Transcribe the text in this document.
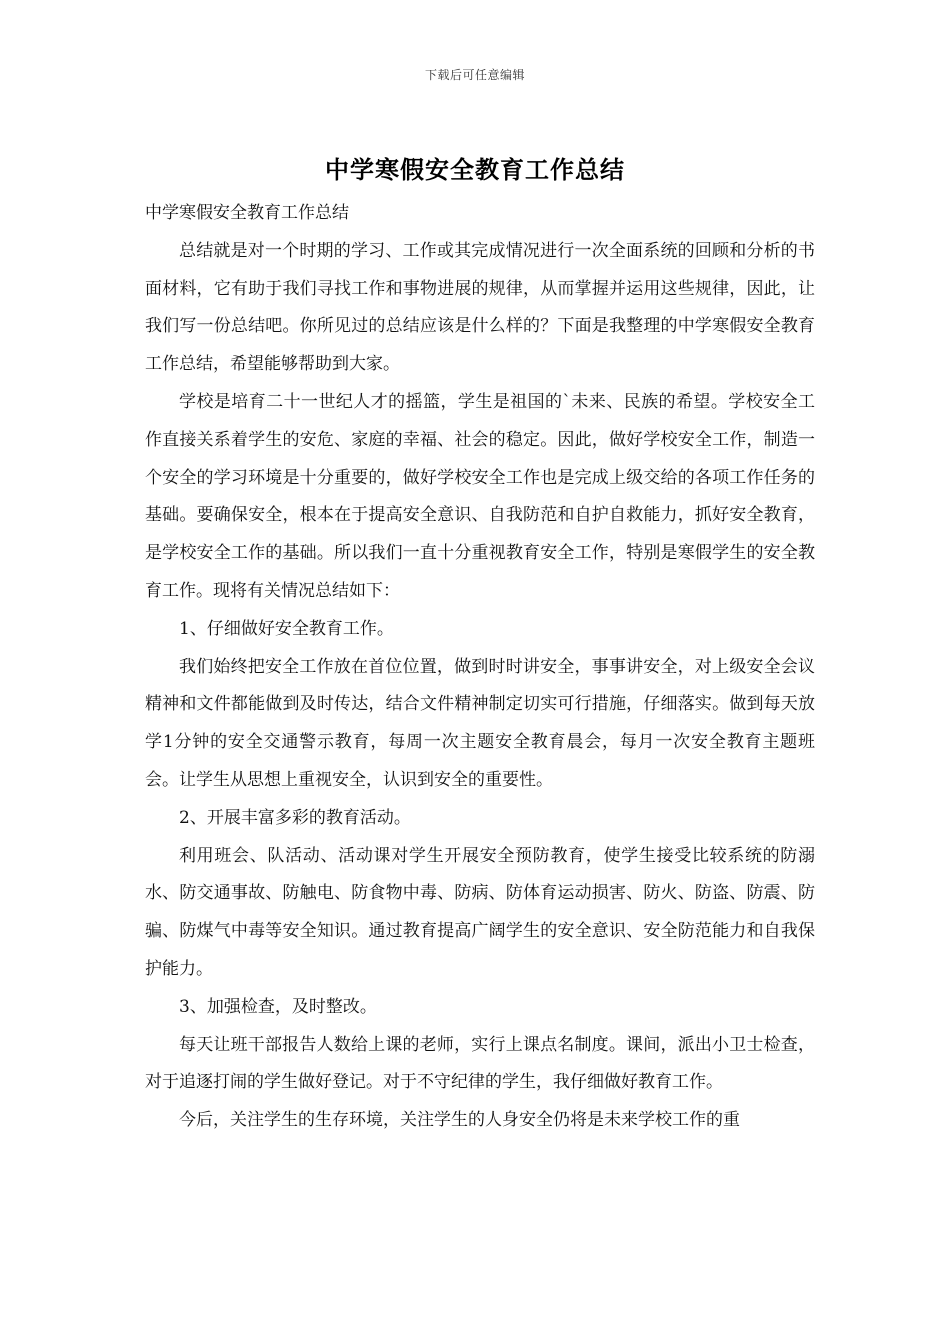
下载后可任意编辑
中学寒假安全教育工作总结

中学寒假安全教育工作总结

总结就是对一个时期的学习、工作或其完成情况进行一次全面系统的回顾和分析的书面材料，它有助于我们寻找工作和事物进展的规律，从而掌握并运用这些规律，因此，让我们写一份总结吧。你所见过的总结应该是什么样的？下面是我整理的中学寒假安全教育工作总结，希望能够帮助到大家。

学校是培育二十一世纪人才的摇篮，学生是祖国的`未来、民族的希望。学校安全工作直接关系着学生的安危、家庭的幸福、社会的稳定。因此，做好学校安全工作，制造一个安全的学习环境是十分重要的，做好学校安全工作也是完成上级交给的各项工作任务的基础。要确保安全，根本在于提高安全意识、自我防范和自护自救能力，抓好安全教育，是学校安全工作的基础。所以我们一直十分重视教育安全工作，特别是寒假学生的安全教育工作。现将有关情况总结如下：

1、仔细做好安全教育工作。

我们始终把安全工作放在首位位置，做到时时讲安全，事事讲安全，对上级安全会议精神和文件都能做到及时传达，结合文件精神制定切实可行措施，仔细落实。做到每天放学1分钟的安全交通警示教育，每周一次主题安全教育晨会，每月一次安全教育主题班会。让学生从思想上重视安全，认识到安全的重要性。

2、开展丰富多彩的教育活动。

利用班会、队活动、活动课对学生开展安全预防教育，使学生接受比较系统的防溺水、防交通事故、防触电、防食物中毒、防病、防体育运动损害、防火、防盗、防震、防骗、防煤气中毒等安全知识。通过教育提高广阔学生的安全意识、安全防范能力和自我保护能力。

3、加强检查，及时整改。

每天让班干部报告人数给上课的老师，实行上课点名制度。课间，派出小卫士检查，对于追逐打闹的学生做好登记。对于不守纪律的学生，我仔细做好教育工作。

今后，关注学生的生存环境，关注学生的人身安全仍将是未来学校工作的重
